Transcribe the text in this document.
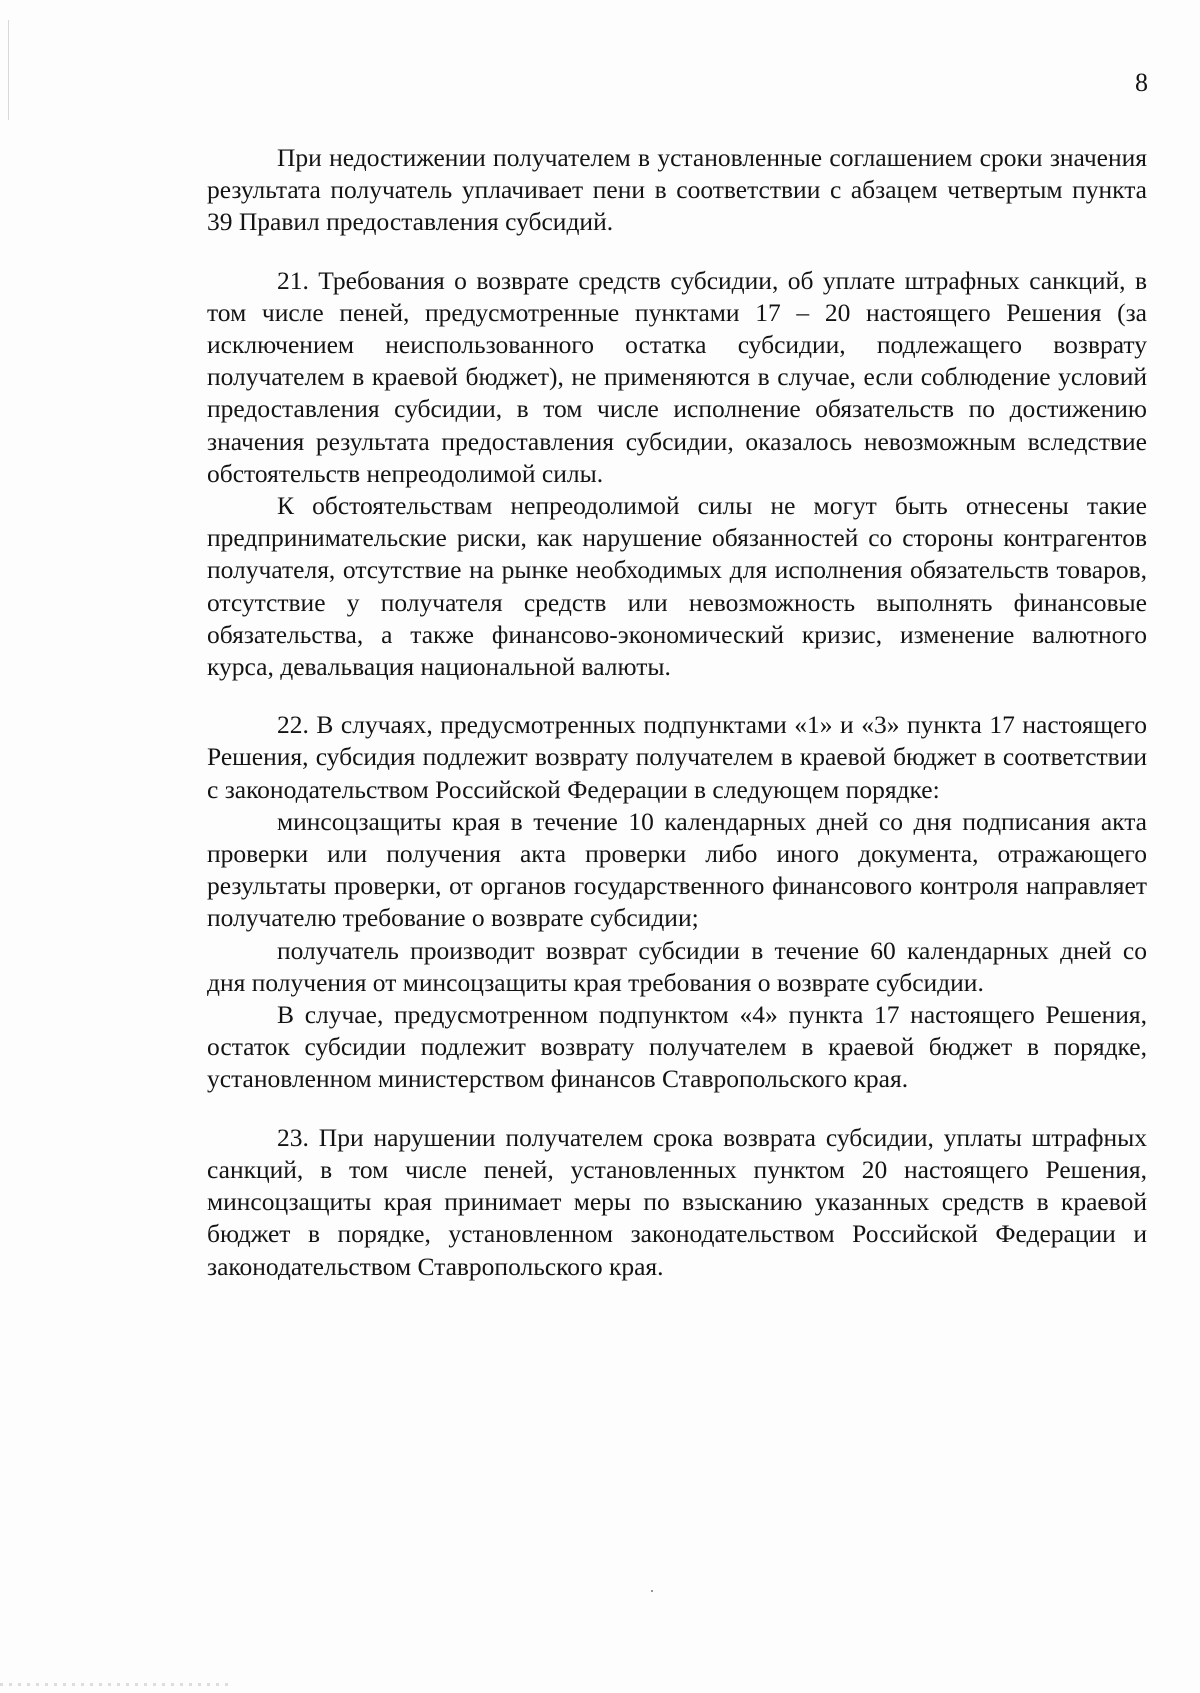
8

При недостижении получателем в установленные соглашением сроки значения результата получатель уплачивает пени в соответствии с абзацем четвертым пункта 39 Правил предоставления субсидий.

21. Требования о возврате средств субсидии, об уплате штрафных санкций, в том числе пеней, предусмотренные пунктами 17 – 20 настоящего Решения (за исключением неиспользованного остатка субсидии, подлежащего возврату получателем в краевой бюджет), не применяются в случае, если соблюдение условий предоставления субсидии, в том числе исполнение обязательств по достижению значения результата предоставления субсидии, оказалось невозможным вследствие обстоятельств непреодолимой силы.

К обстоятельствам непреодолимой силы не могут быть отнесены такие предпринимательские риски, как нарушение обязанностей со стороны контрагентов получателя, отсутствие на рынке необходимых для исполнения обязательств товаров, отсутствие у получателя средств или невозможность выполнять финансовые обязательства, а также финансово-экономический кризис, изменение валютного курса, девальвация национальной валюты.

22. В случаях, предусмотренных подпунктами «1» и «3» пункта 17 настоящего Решения, субсидия подлежит возврату получателем в краевой бюджет в соответствии с законодательством Российской Федерации в следующем порядке:

минсоцзащиты края в течение 10 календарных дней со дня подписания акта проверки или получения акта проверки либо иного документа, отражающего результаты проверки, от органов государственного финансового контроля направляет получателю требование о возврате субсидии;

получатель производит возврат субсидии в течение 60 календарных дней со дня получения от минсоцзащиты края требования о возврате субсидии.

В случае, предусмотренном подпунктом «4» пункта 17 настоящего Решения, остаток субсидии подлежит возврату получателем в краевой бюджет в порядке, установленном министерством финансов Ставропольского края.

23. При нарушении получателем срока возврата субсидии, уплаты штрафных санкций, в том числе пеней, установленных пунктом 20 настоящего Решения, минсоцзащиты края принимает меры по взысканию указанных средств в краевой бюджет в порядке, установленном законодательством Российской Федерации и законодательством Ставропольского края.
